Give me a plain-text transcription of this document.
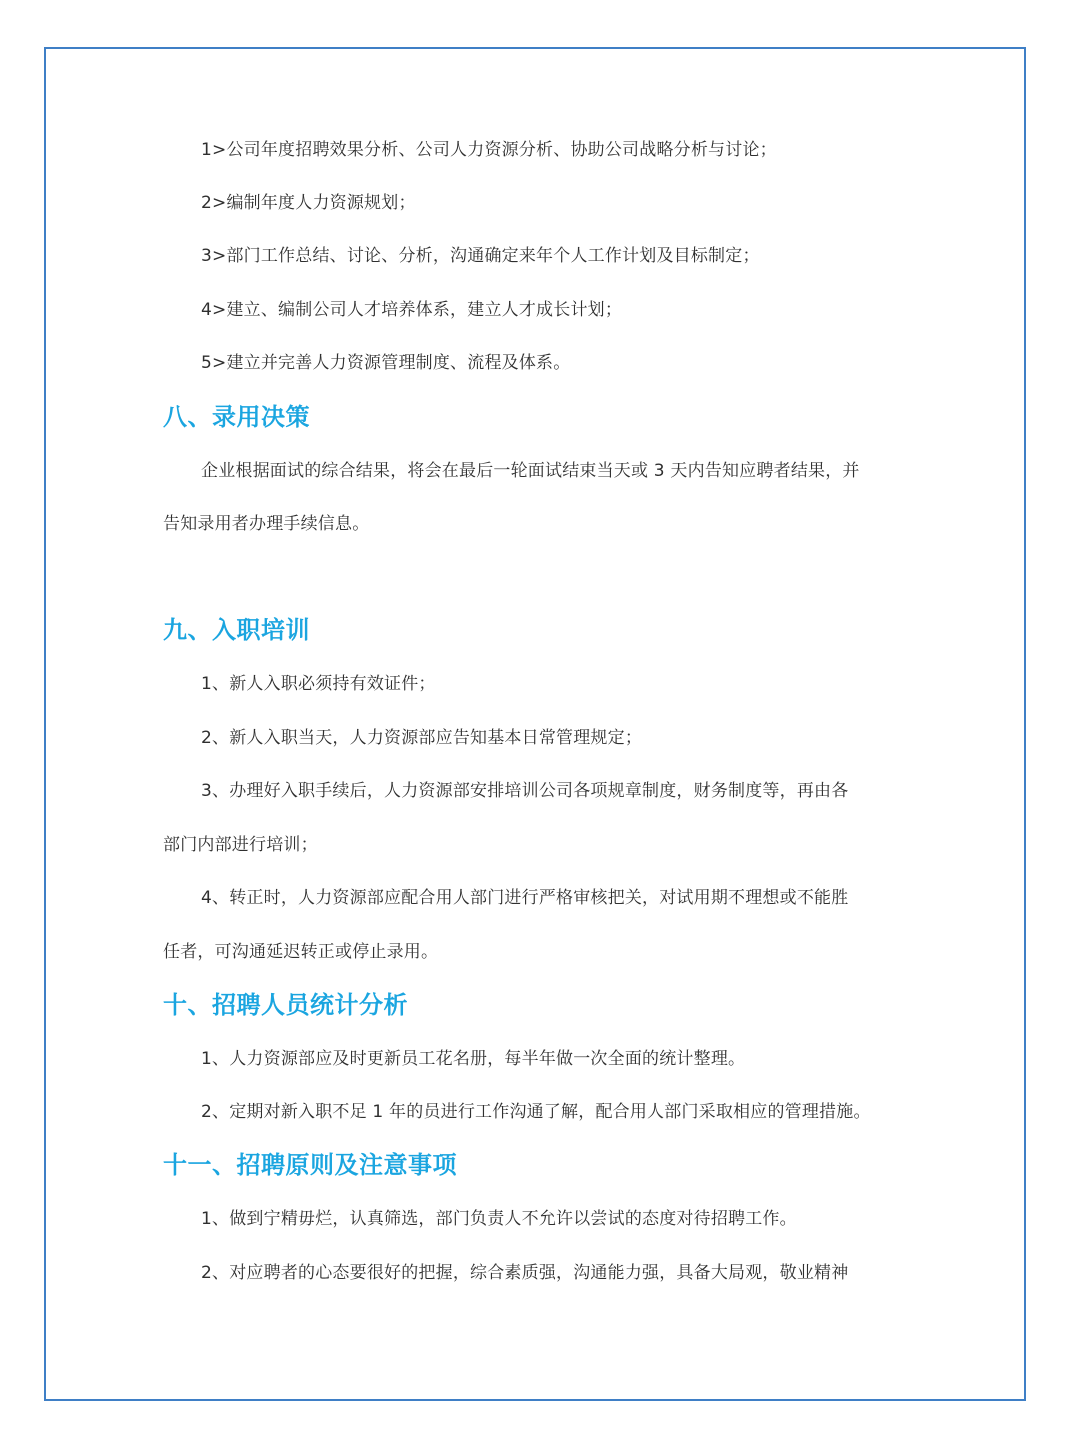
1>公司年度招聘效果分析、公司人力资源分析、协助公司战略分析与讨论；
2>编制年度人力资源规划；
3>部门工作总结、讨论、分析，沟通确定来年个人工作计划及目标制定；
4>建立、编制公司人才培养体系，建立人才成长计划；
5>建立并完善人力资源管理制度、流程及体系。
八、录用决策
企业根据面试的综合结果，将会在最后一轮面试结束当天或 3 天内告知应聘者结果，并
告知录用者办理手续信息。
九、入职培训
1、新人入职必须持有效证件；
2、新人入职当天，人力资源部应告知基本日常管理规定；
3、办理好入职手续后，人力资源部安排培训公司各项规章制度，财务制度等，再由各
部门内部进行培训；
4、转正时，人力资源部应配合用人部门进行严格审核把关，对试用期不理想或不能胜
任者，可沟通延迟转正或停止录用。
十、招聘人员统计分析
1、人力资源部应及时更新员工花名册，每半年做一次全面的统计整理。
2、定期对新入职不足 1 年的员进行工作沟通了解，配合用人部门采取相应的管理措施。
十一、招聘原则及注意事项
1、做到宁精毋烂，认真筛选，部门负责人不允许以尝试的态度对待招聘工作。
2、对应聘者的心态要很好的把握，综合素质强，沟通能力强，具备大局观，敬业精神
